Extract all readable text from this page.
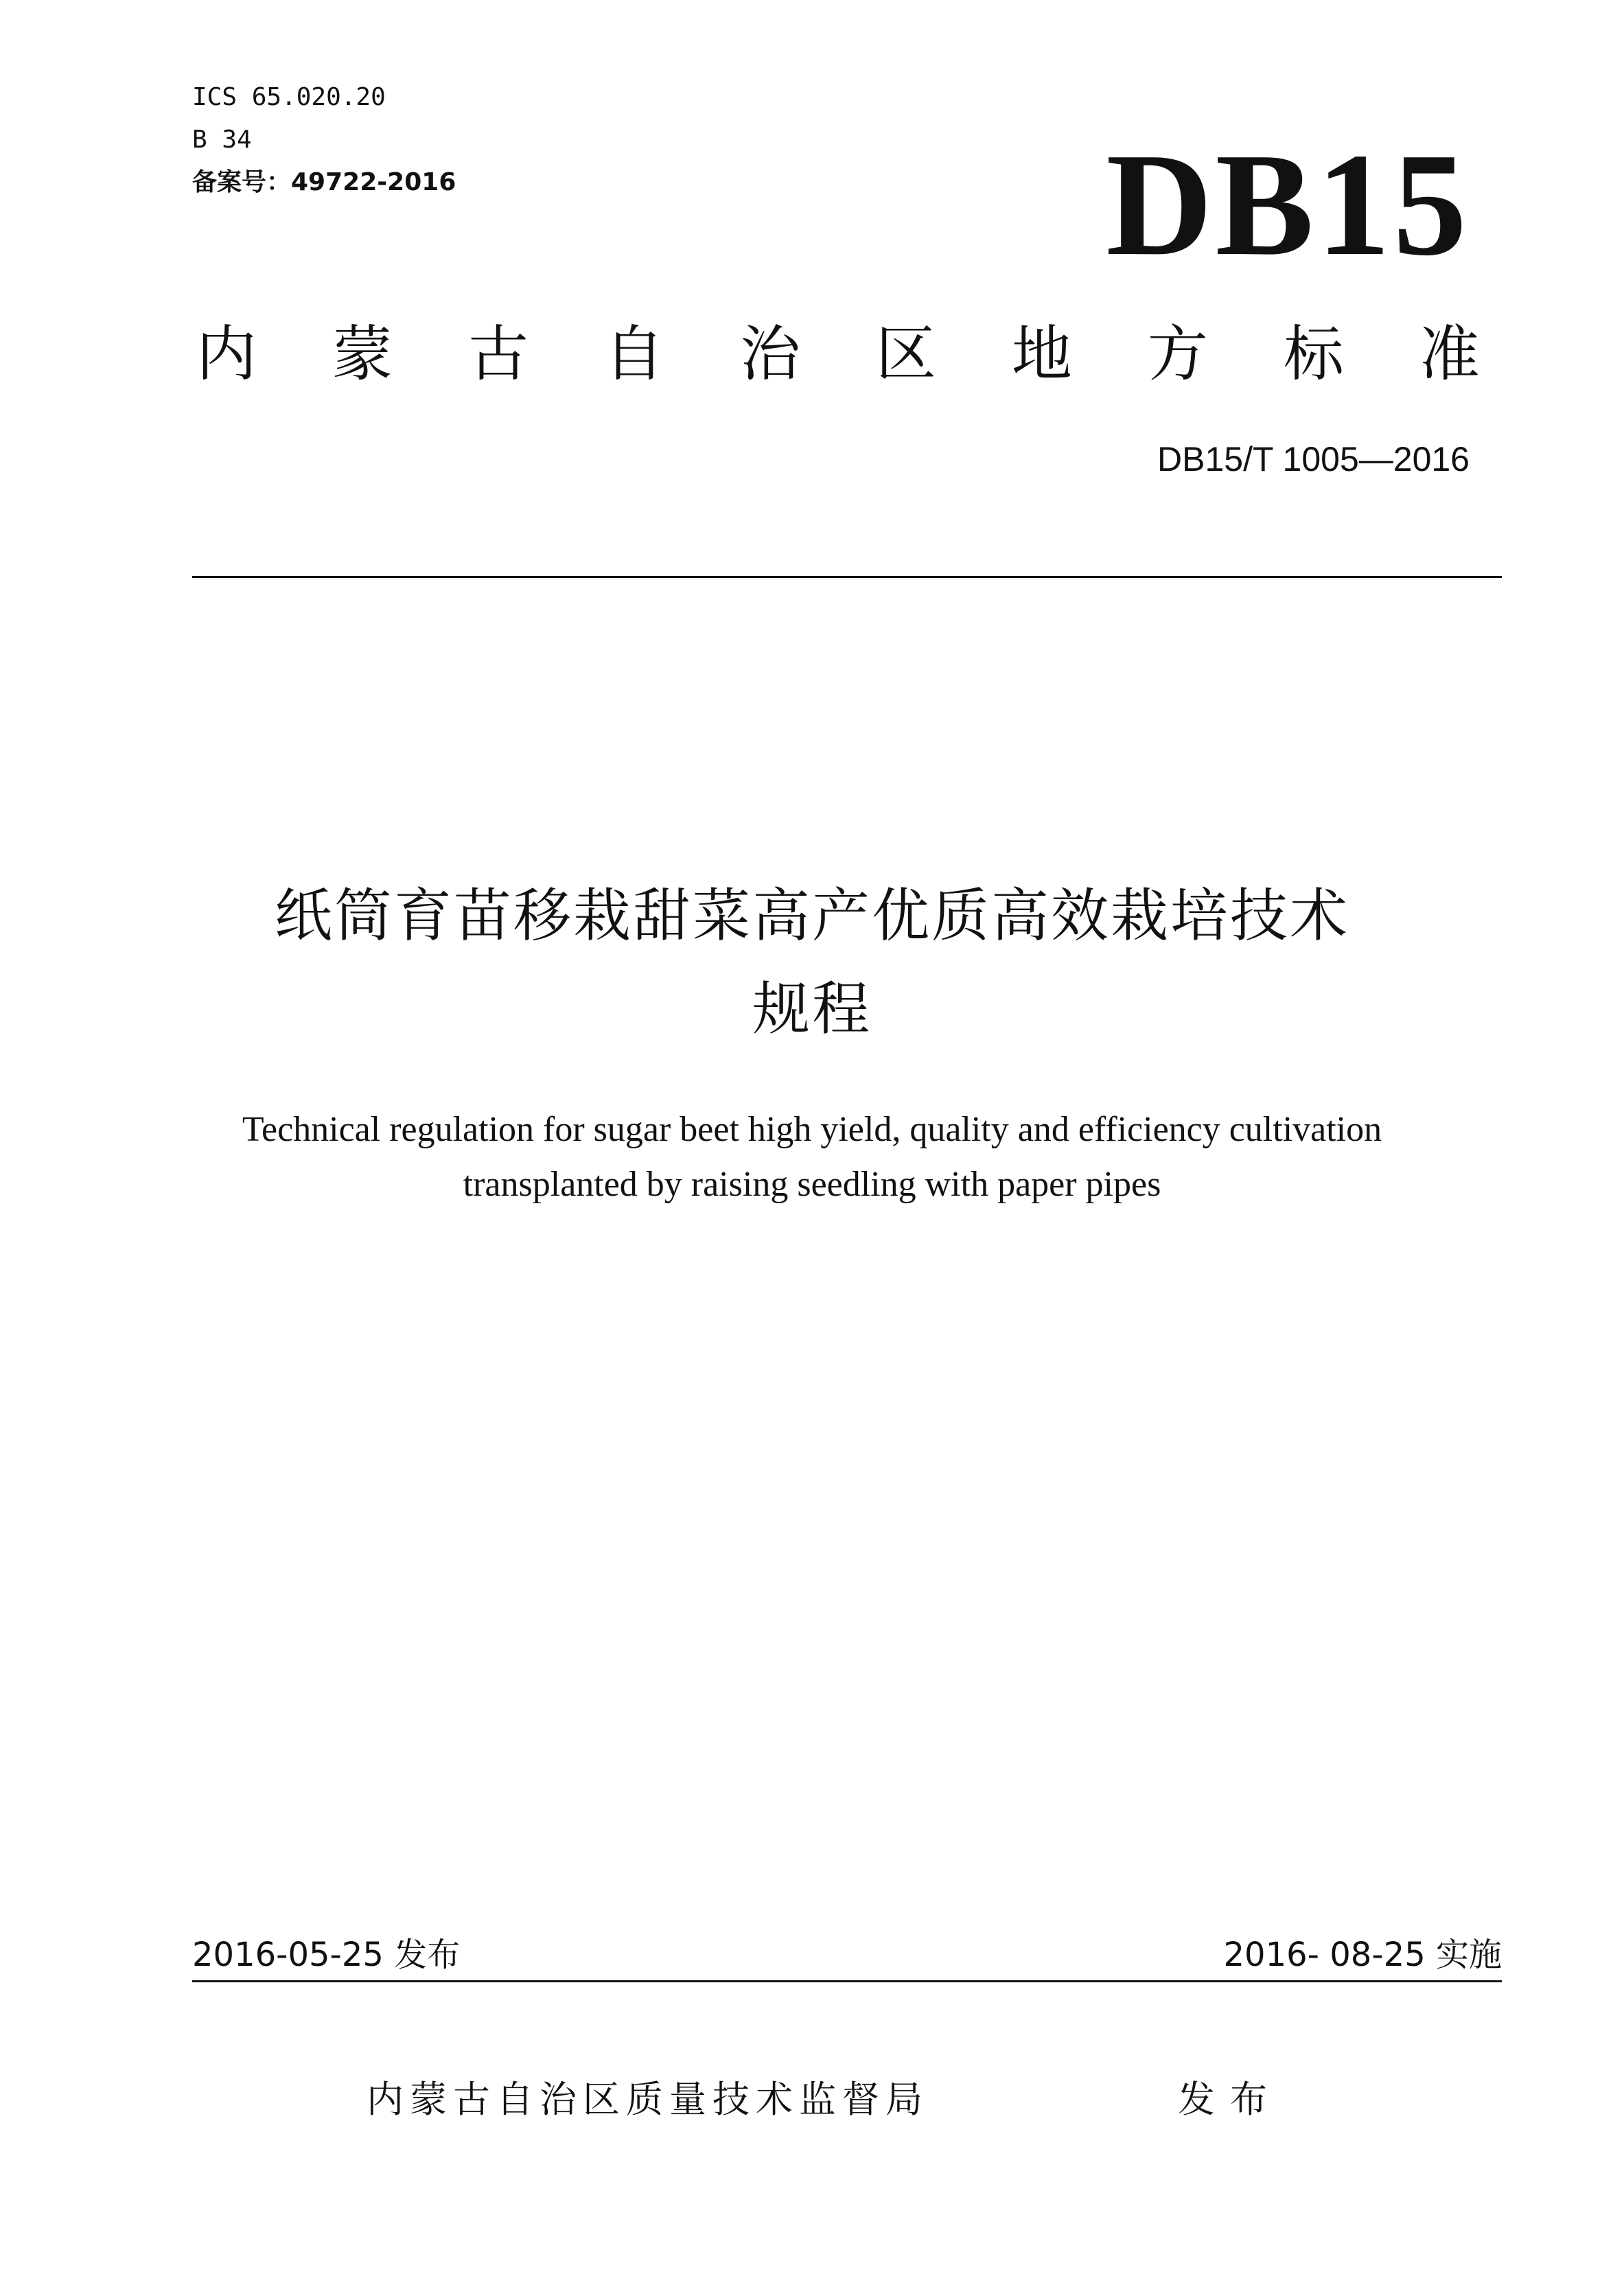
ICS 65.020.20
B 34
备案号：49722-2016	DB15
内 蒙 古 自 治 区 地 方 标 准
DB15/T 1005—2016
纸筒育苗移栽甜菜高产优质高效栽培技术
规程
Technical regulation for sugar beet high yield, quality and efficiency cultivation
transplanted by raising seedling with paper pipes
2016-05-25 发布	2016- 08-25 实施
内蒙古自治区质量技术监督局	发布
